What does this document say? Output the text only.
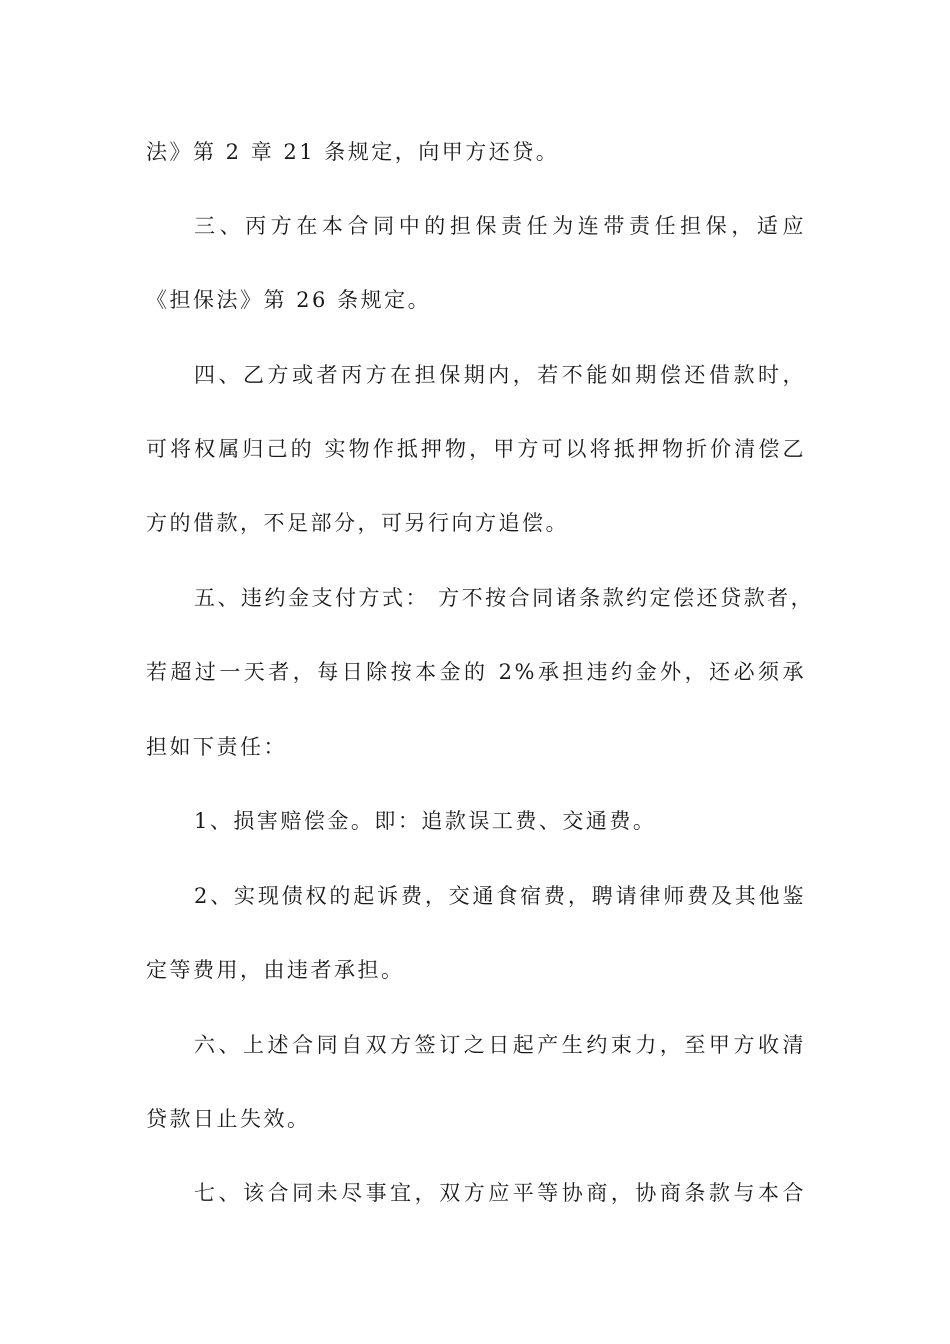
法》第 2 章 21 条规定，向甲方还贷。
三、丙方在本合同中的担保责任为连带责任担保，适应
《担保法》第 26 条规定。
四、乙方或者丙方在担保期内，若不能如期偿还借款时，
可将权属归己的 实物作抵押物，甲方可以将抵押物折价清偿乙
方的借款，不足部分，可另行向方追偿。
五、违约金支付方式： 方不按合同诸条款约定偿还贷款者，
若超过一天者，每日除按本金的 2%承担违约金外，还必须承
担如下责任：
1、损害赔偿金。即：追款误工费、交通费。
2、实现债权的起诉费，交通食宿费，聘请律师费及其他鉴
定等费用，由违者承担。
六、上述合同自双方签订之日起产生约束力，至甲方收清
贷款日止失效。
七、该合同未尽事宜，双方应平等协商，协商条款与本合
